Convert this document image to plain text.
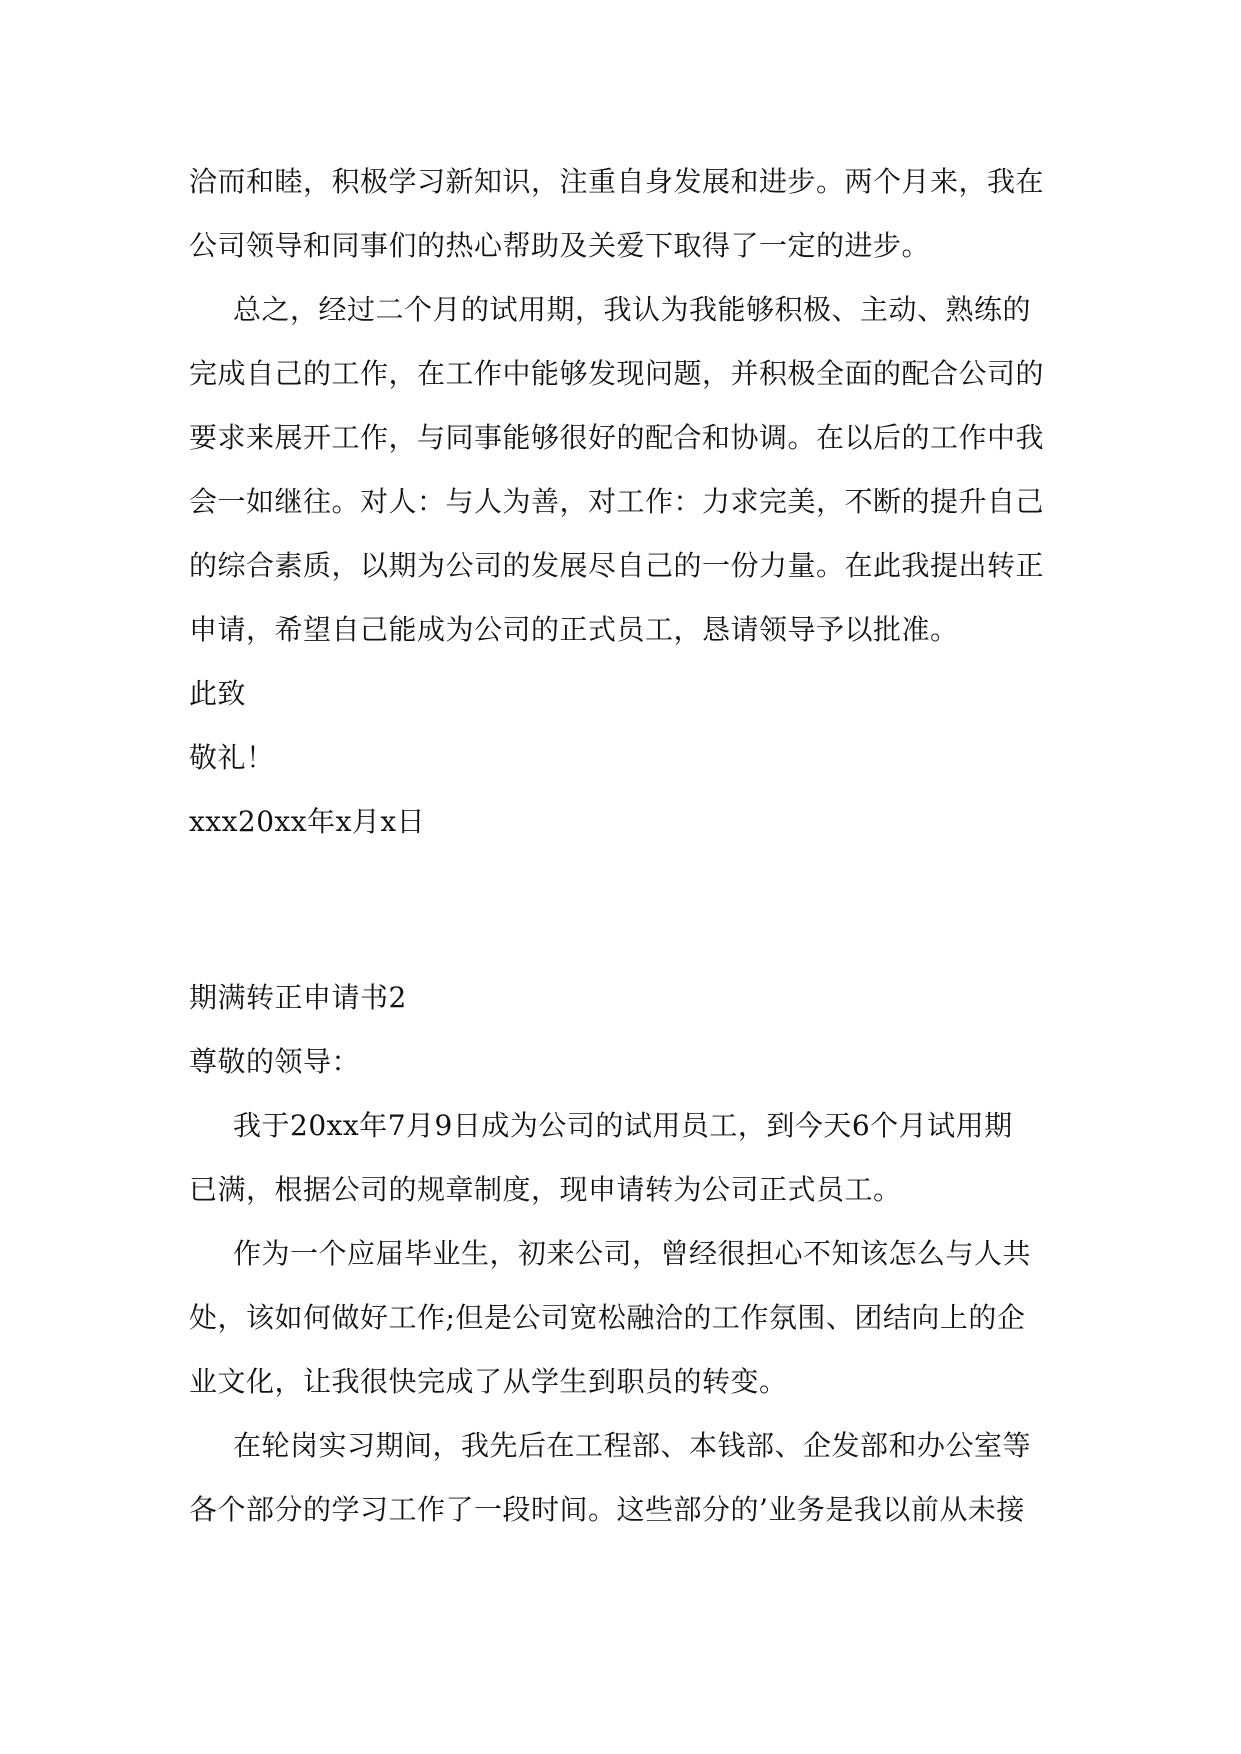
洽而和睦，积极学习新知识，注重自身发展和进步。两个月来，我在
公司领导和同事们的热心帮助及关爱下取得了一定的进步。
总之，经过二个月的试用期，我认为我能够积极、主动、熟练的
完成自己的工作，在工作中能够发现问题，并积极全面的配合公司的
要求来展开工作，与同事能够很好的配合和协调。在以后的工作中我
会一如继往。对人：与人为善，对工作：力求完美，不断的提升自己
的综合素质，以期为公司的发展尽自己的一份力量。在此我提出转正
申请，希望自己能成为公司的正式员工，恳请领导予以批准。
此致
敬礼！
xxx20xx年x月x日
期满转正申请书2
尊敬的领导：
我于20xx年7月9日成为公司的试用员工，到今天6个月试用期
已满，根据公司的规章制度，现申请转为公司正式员工。
作为一个应届毕业生，初来公司，曾经很担心不知该怎么与人共
处，该如何做好工作;但是公司宽松融洽的工作氛围、团结向上的企
业文化，让我很快完成了从学生到职员的转变。
在轮岗实习期间，我先后在工程部、本钱部、企发部和办公室等
各个部分的学习工作了一段时间。这些部分的’业务是我以前从未接
